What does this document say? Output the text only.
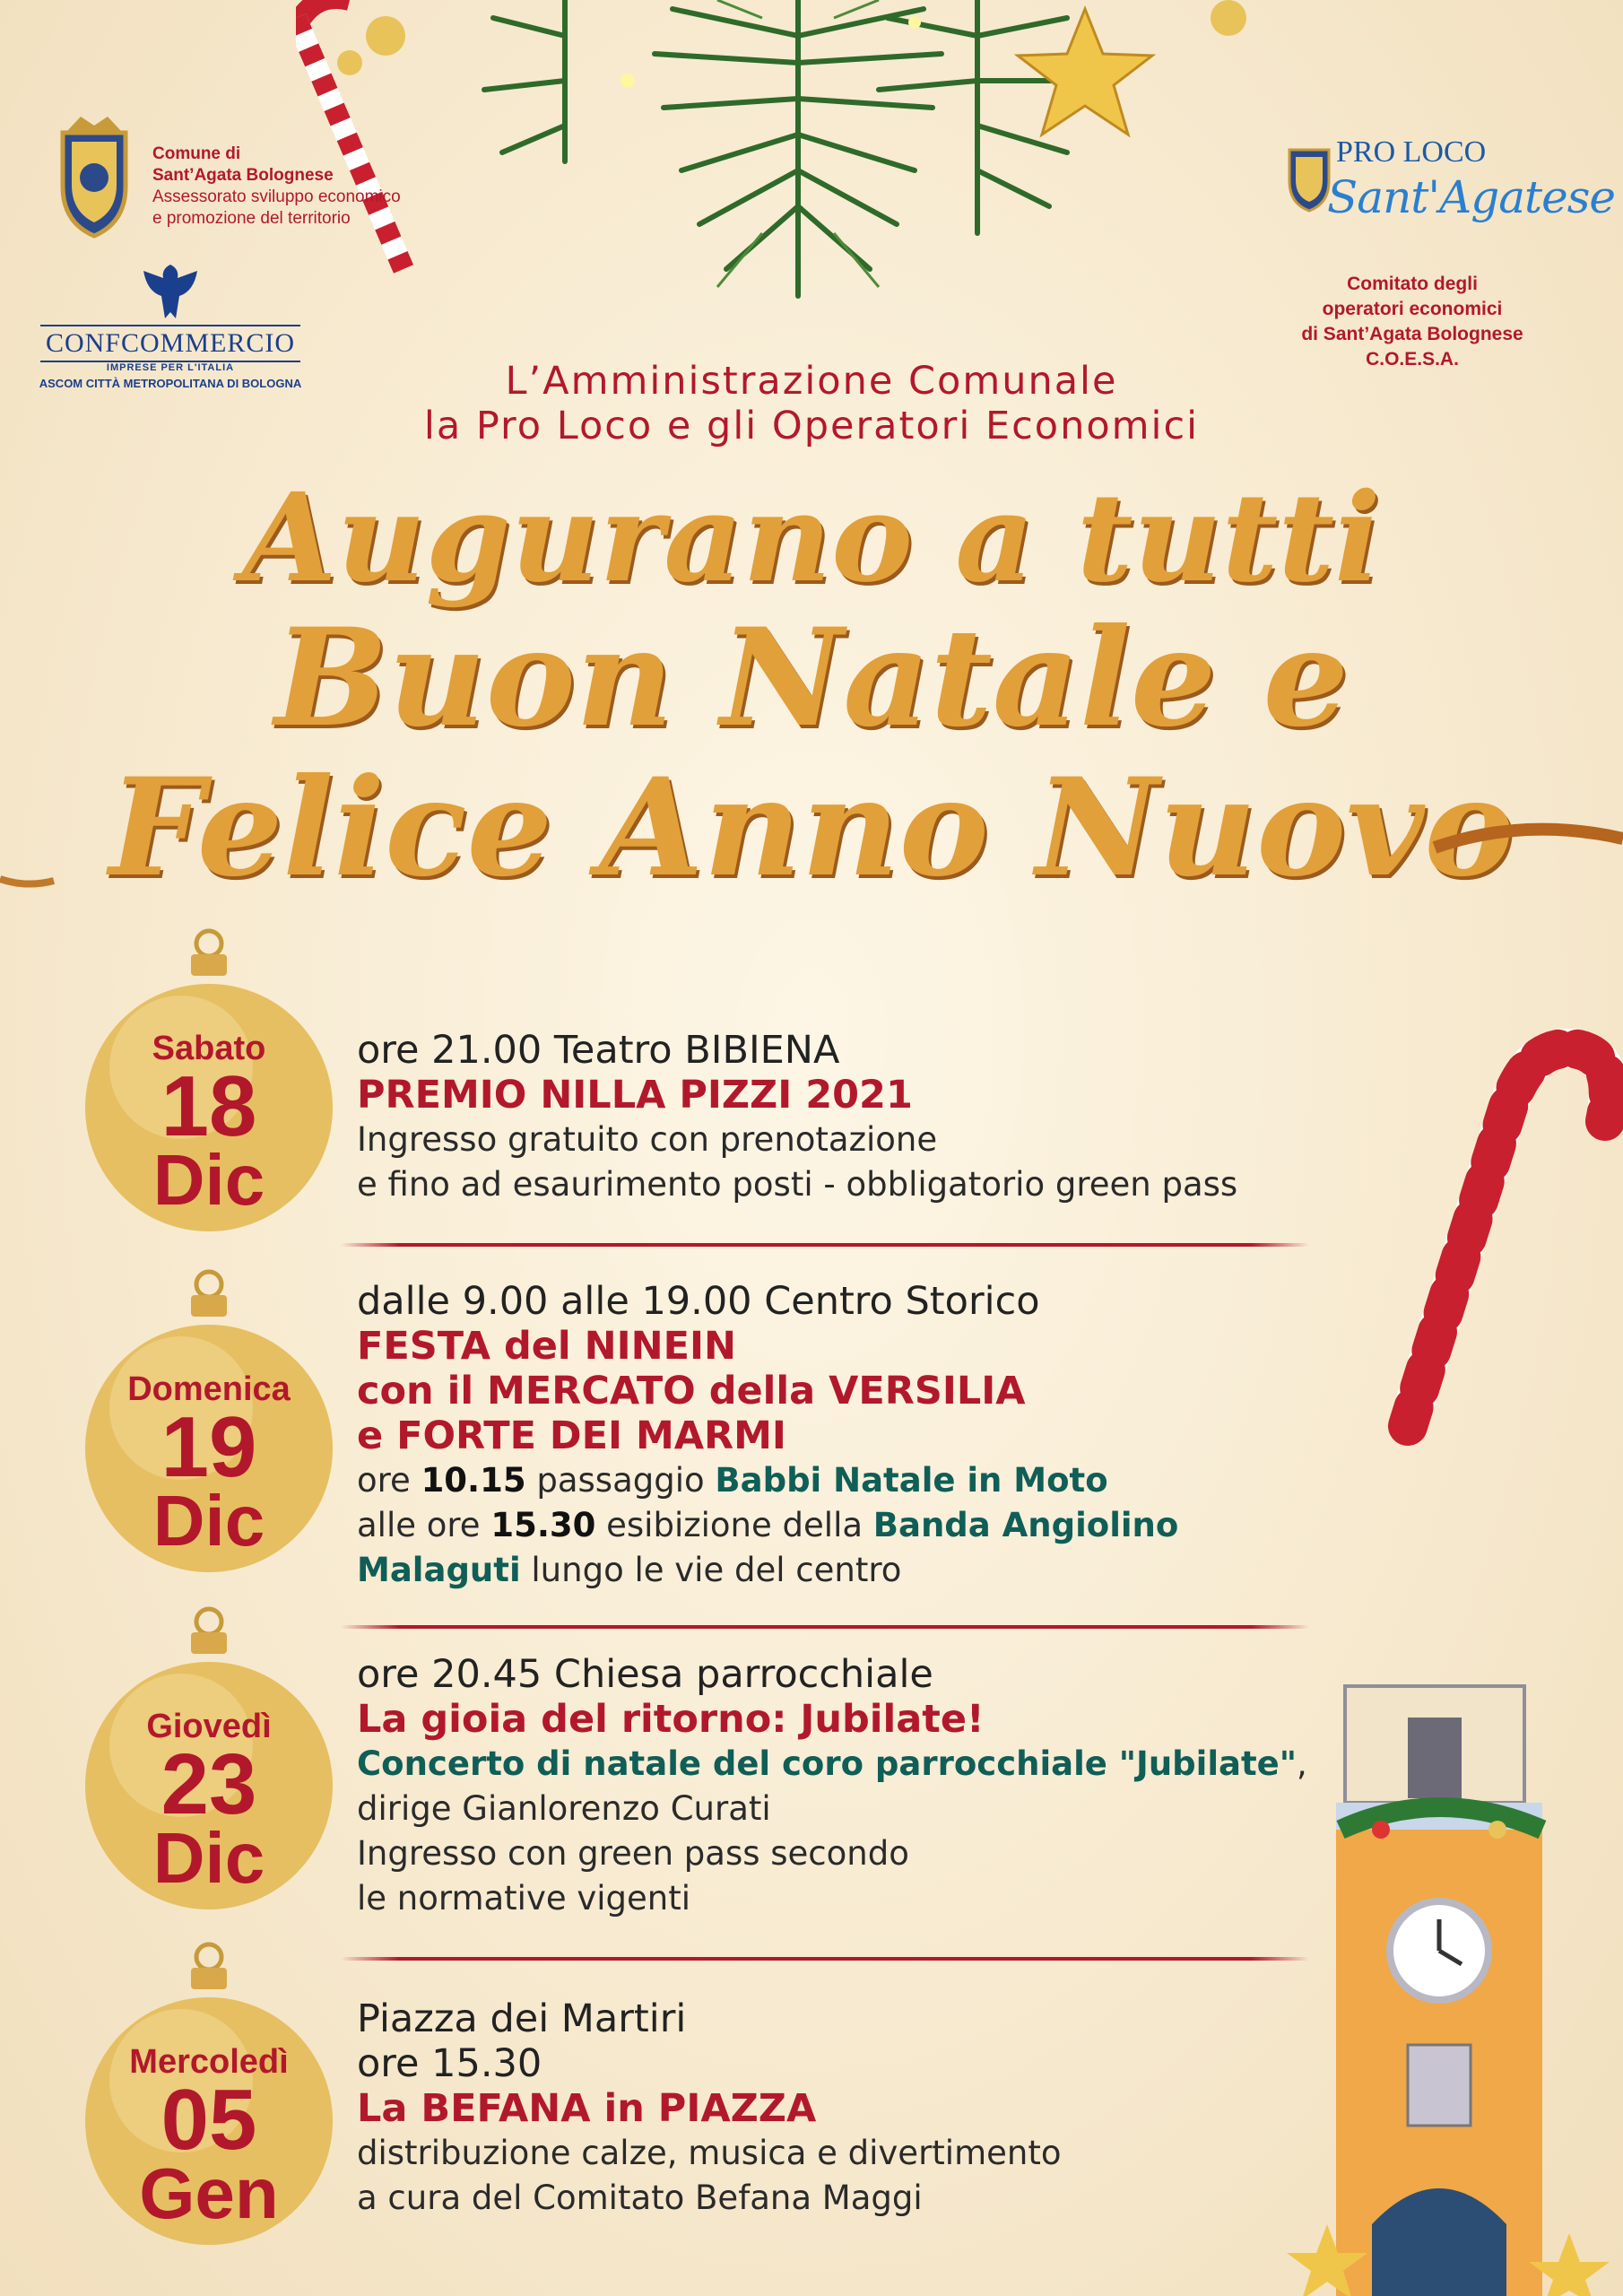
Comune di
Sant’Agata Bolognese
Assessorato sviluppo economico
e promozione del territorio
CONFCOMMERCIO
IMPRESE PER L'ITALIA
ASCOM CITTÀ METROPOLITANA DI BOLOGNA
PRO LOCO
Sant'Agatese
Comitato degli
operatori economici
di Sant’Agata Bolognese
C.O.E.S.A.
L’Amministrazione Comunale
la Pro Loco e gli Operatori Economici
Augurano a tutti
Buon Natale e
Felice Anno Nuovo
Sabato
18
Dic
ore 21.00 Teatro BIBIENA
PREMIO NILLA PIZZI 2021
Ingresso gratuito con prenotazione
e fino ad esaurimento posti - obbligatorio green pass
Domenica
19
Dic
dalle 9.00 alle 19.00 Centro Storico
FESTA del NINEIN
con il MERCATO della VERSILIA
e FORTE DEI MARMI
ore 10.15 passaggio Babbi Natale in Moto
alle ore 15.30 esibizione della Banda Angiolino
Malaguti lungo le vie del centro
Giovedì
23
Dic
ore 20.45 Chiesa parrocchiale
La gioia del ritorno: Jubilate!
Concerto di natale del coro parrocchiale "Jubilate",
dirige Gianlorenzo Curati
Ingresso con green pass secondo
le normative vigenti
Mercoledì
05
Gen
Piazza dei Martiri
ore 15.30
La BEFANA in PIAZZA
distribuzione calze, musica e divertimento
a cura del Comitato Befana Maggi
